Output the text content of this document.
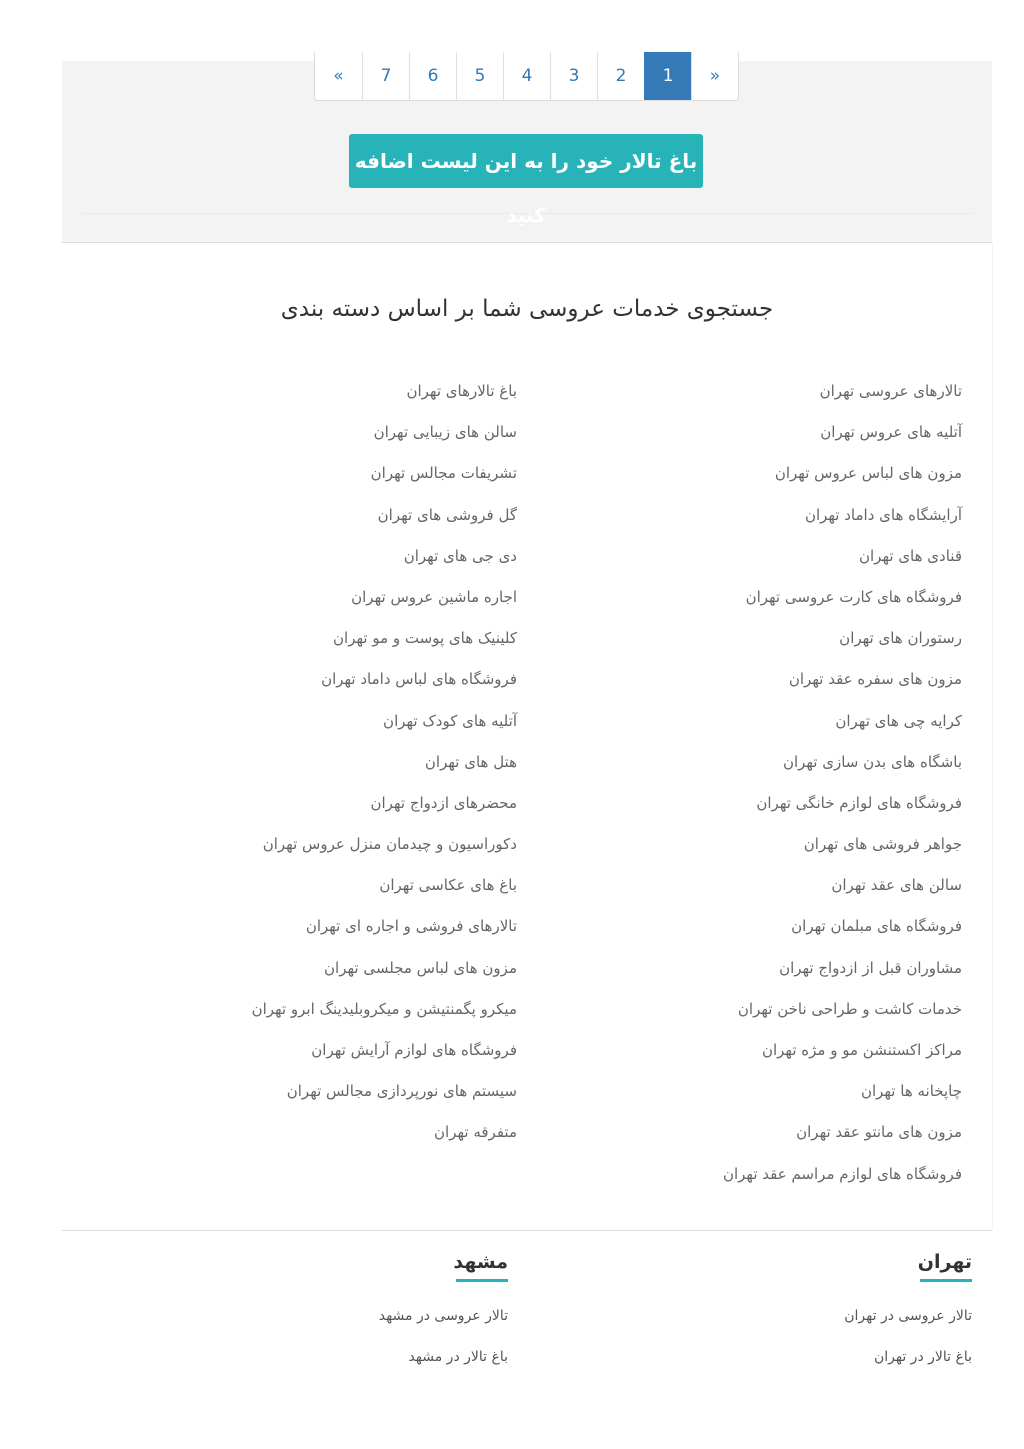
«	7	6	5	4	3	2	1	»
باغ تالار خود را به این لیست اضافه کنید
جستجوی خدمات عروسی شما بر اساس دسته بندی
تالارهای عروسی تهران
آتلیه های عروس تهران
مزون های لباس عروس تهران
آرایشگاه های داماد تهران
قنادی های تهران
فروشگاه های کارت عروسی تهران
رستوران های تهران
مزون های سفره عقد تهران
کرایه چی های تهران
باشگاه های بدن سازی تهران
فروشگاه های لوازم خانگی تهران
جواهر فروشی های تهران
سالن های عقد تهران
فروشگاه های مبلمان تهران
مشاوران قبل از ازدواج تهران
خدمات کاشت و طراحی ناخن تهران
مراکز اکستنشن مو و مژه تهران
چاپخانه ها تهران
مزون های مانتو عقد تهران
فروشگاه های لوازم مراسم عقد تهران
باغ تالارهای تهران
سالن های زیبایی تهران
تشریفات مجالس تهران
گل فروشی های تهران
دی جی های تهران
اجاره ماشین عروس تهران
کلینیک های پوست و مو تهران
فروشگاه های لباس داماد تهران
آتلیه های کودک تهران
هتل های تهران
محضرهای ازدواج تهران
دکوراسیون و چیدمان منزل عروس تهران
باغ های عکاسی تهران
تالارهای فروشی و اجاره ای تهران
مزون های لباس مجلسی تهران
میکرو پگمنتیشن و میکروبلیدینگ ابرو تهران
فروشگاه های لوازم آرایش تهران
سیستم های نورپردازی مجالس تهران
متفرقه تهران
تهران
تالار عروسی در تهران
باغ تالار در تهران
مشهد
تالار عروسی در مشهد
باغ تالار در مشهد
